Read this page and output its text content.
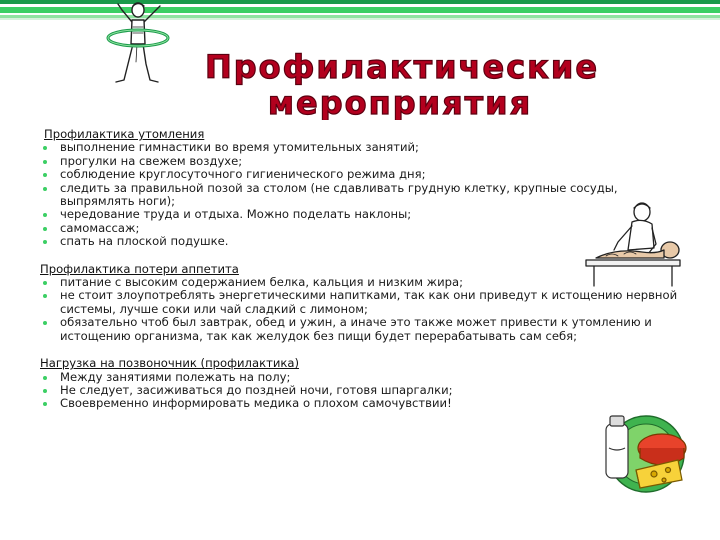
Профилактические
мероприятия
Профилактика утомления
выполнение гимнастики во время утомительных занятий;
прогулки на свежем воздухе;
соблюдение круглосуточного гигиенического режима дня;
следить за правильной позой за столом (не сдавливать грудную клетку, крупные сосуды, выпрямлять ноги);
чередование труда и отдыха. Можно поделать наклоны;
самомассаж;
спать на плоской подушке.
Профилактика потери аппетита
питание с высоким содержанием белка, кальция и низким жира;
не стоит злоупотреблять энергетическими напитками, так как они приведут к истощению нервной системы, лучше соки или чай сладкий с лимоном;
обязательно чтоб был завтрак, обед и ужин, а иначе это также может привести к утомлению и истощению организма, так как желудок без пищи будет перерабатывать сам себя;
Нагрузка на позвоночник (профилактика)
Между занятиями полежать на полу;
Не следует, засиживаться до поздней ночи, готовя шпаргалки;
Своевременно информировать медика о плохом самочувствии!
